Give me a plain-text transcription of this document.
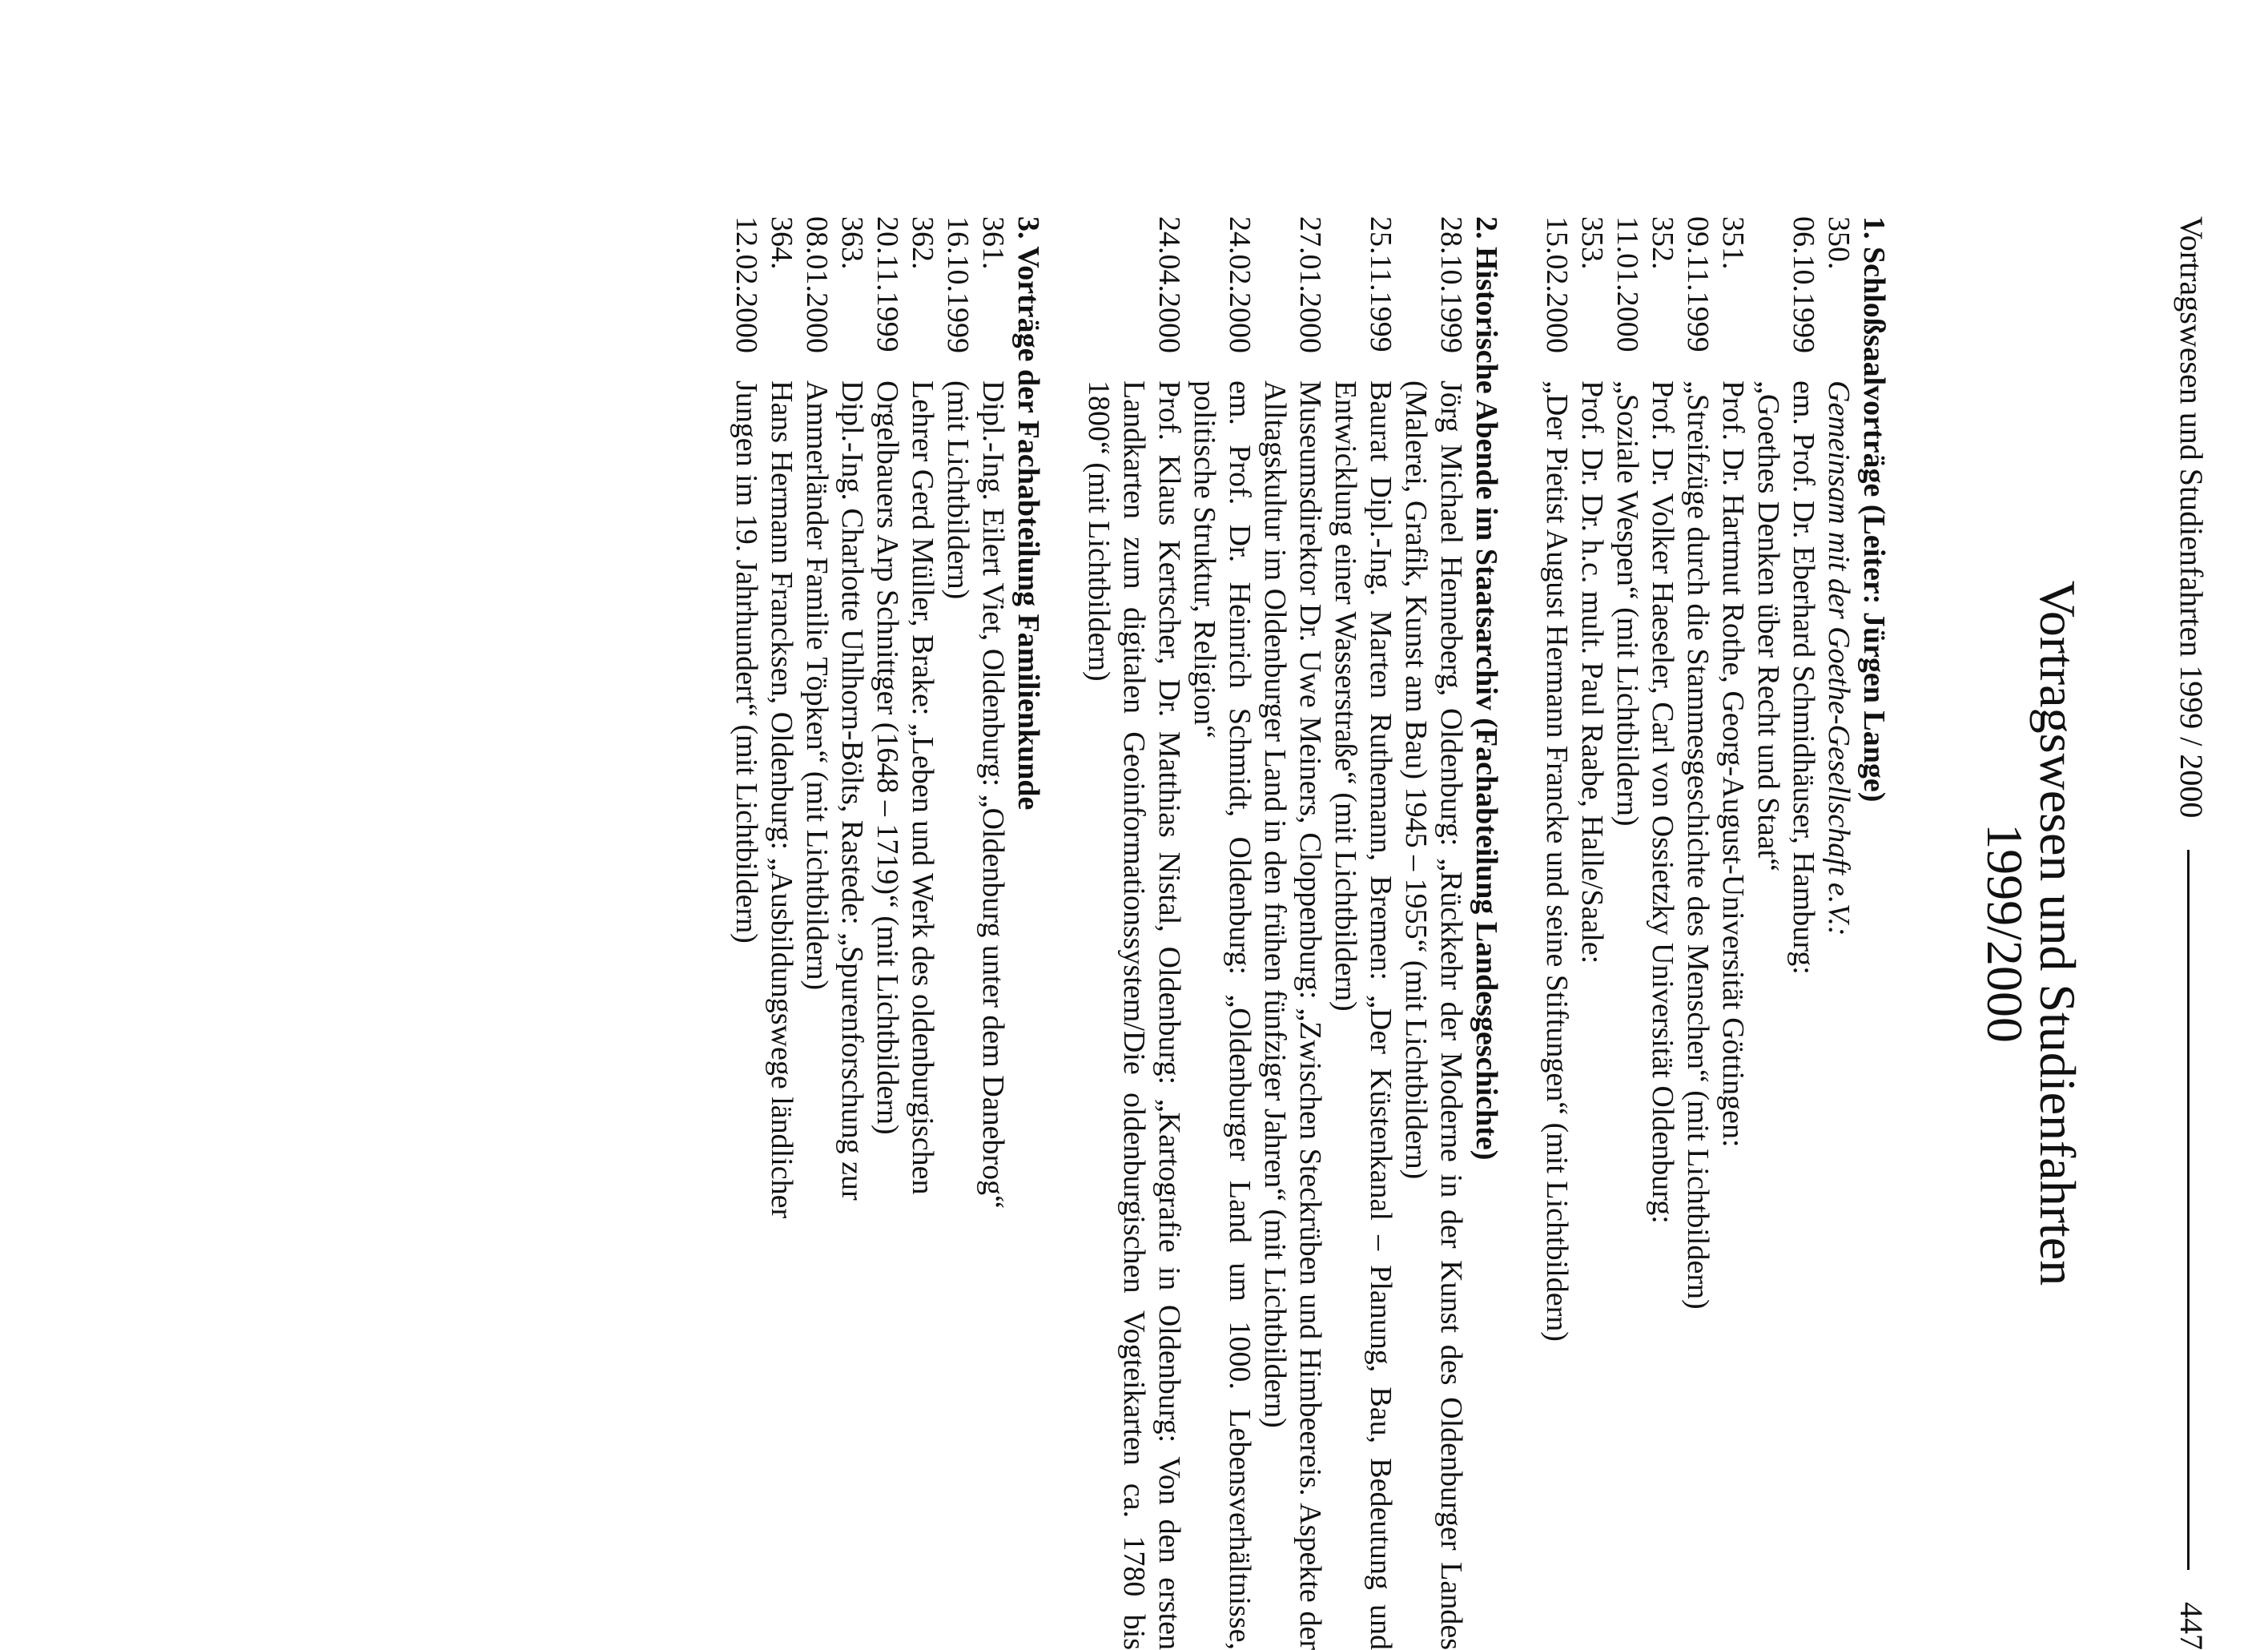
Vortragswesen und Studienfahrten 1999 / 2000
447
Vortragswesen und Studienfahrten
1999/2000
1. Schloßsaalvorträge (Leiter: Jürgen Lange)
350.
Gemeinsam mit der Goethe-Gesellschaft e.V.:
06.10.1999
em. Prof. Dr. Eberhard Schmidhäuser, Hamburg:
„Goethes Denken über Recht und Staat“
351.
Prof. Dr. Hartmut Rothe, Georg-August-Universität Göttingen:
09.11.1999
„Streifzüge durch die Stammesgeschichte des Menschen“ (mit Lichtbildern)
352.
Prof. Dr. Volker Haeseler, Carl von Ossietzky Universität Oldenburg:
11.01.2000
„Soziale Wespen“ (mit Lichtbildern)
353.
Prof. Dr. Dr. h.c. mult. Paul Raabe, Halle/Saale:
15.02.2000
„Der Pietist August Hermann Francke und seine Stiftungen“ (mit Lichtbildern)
2. Historische Abende im Staatsarchiv (Fachabteilung Landesgeschichte)
28.10.1999
Jörg Michael Henneberg, Oldenburg: „Rückkehr der Moderne in der Kunst des Oldenburger Landes (Malerei, Grafik, Kunst am Bau) 1945 – 1955“ (mit Lichtbildern)
25.11.1999
Baurat Dipl.-Ing. Marten Ruthemann, Bremen: „Der Küstenkanal – Planung, Bau, Bedeutung und Entwicklung einer Wasserstraße“ (mit Lichtbildern)
27.01.2000
Museumsdirektor Dr. Uwe Meiners, Cloppenburg: „Zwischen Steckrüben und Himbeereis. Aspekte der Alltagskultur im Oldenburger Land in den frühen fünfziger Jahren“ (mit Lichtbildern)
24.02.2000
em. Prof. Dr. Heinrich Schmidt, Oldenburg: „Oldenburger Land um 1000. Lebensverhältnisse, politische Struktur, Religion“
24.04.2000
Prof. Klaus Kertscher, Dr. Matthias Nistal, Oldenburg: „Kartografie in Oldenburg: Von den ersten Landkarten zum digitalen Geoinformationssystem/Die oldenburgischen Vogteikarten ca. 1780 bis 1800“ (mit Lichtbildern)
3. Vorträge der Fachabteilung Familienkunde
361.
Dipl.-Ing. Eilert Viet, Oldenburg: „Oldenburg unter dem Danebrog“
16.10.1999
(mit Lichtbildern)
362.
Lehrer Gerd Müller, Brake: „Leben und Werk des oldenburgischen
20.11.1999
Orgelbauers Arp Schnittger (1648 – 1719)“ (mit Lichtbildern)
363.
Dipl.-Ing. Charlotte Uhlhorn-Bölts, Rastede: „Spurenforschung zur
08.01.2000
Ammerländer Familie Töpken“ (mit Lichtbildern)
364.
Hans Hermann Francksen, Oldenburg: „Ausbildungswege ländlicher
12.02.2000
Jungen im 19. Jahrhundert“ (mit Lichtbildern)
